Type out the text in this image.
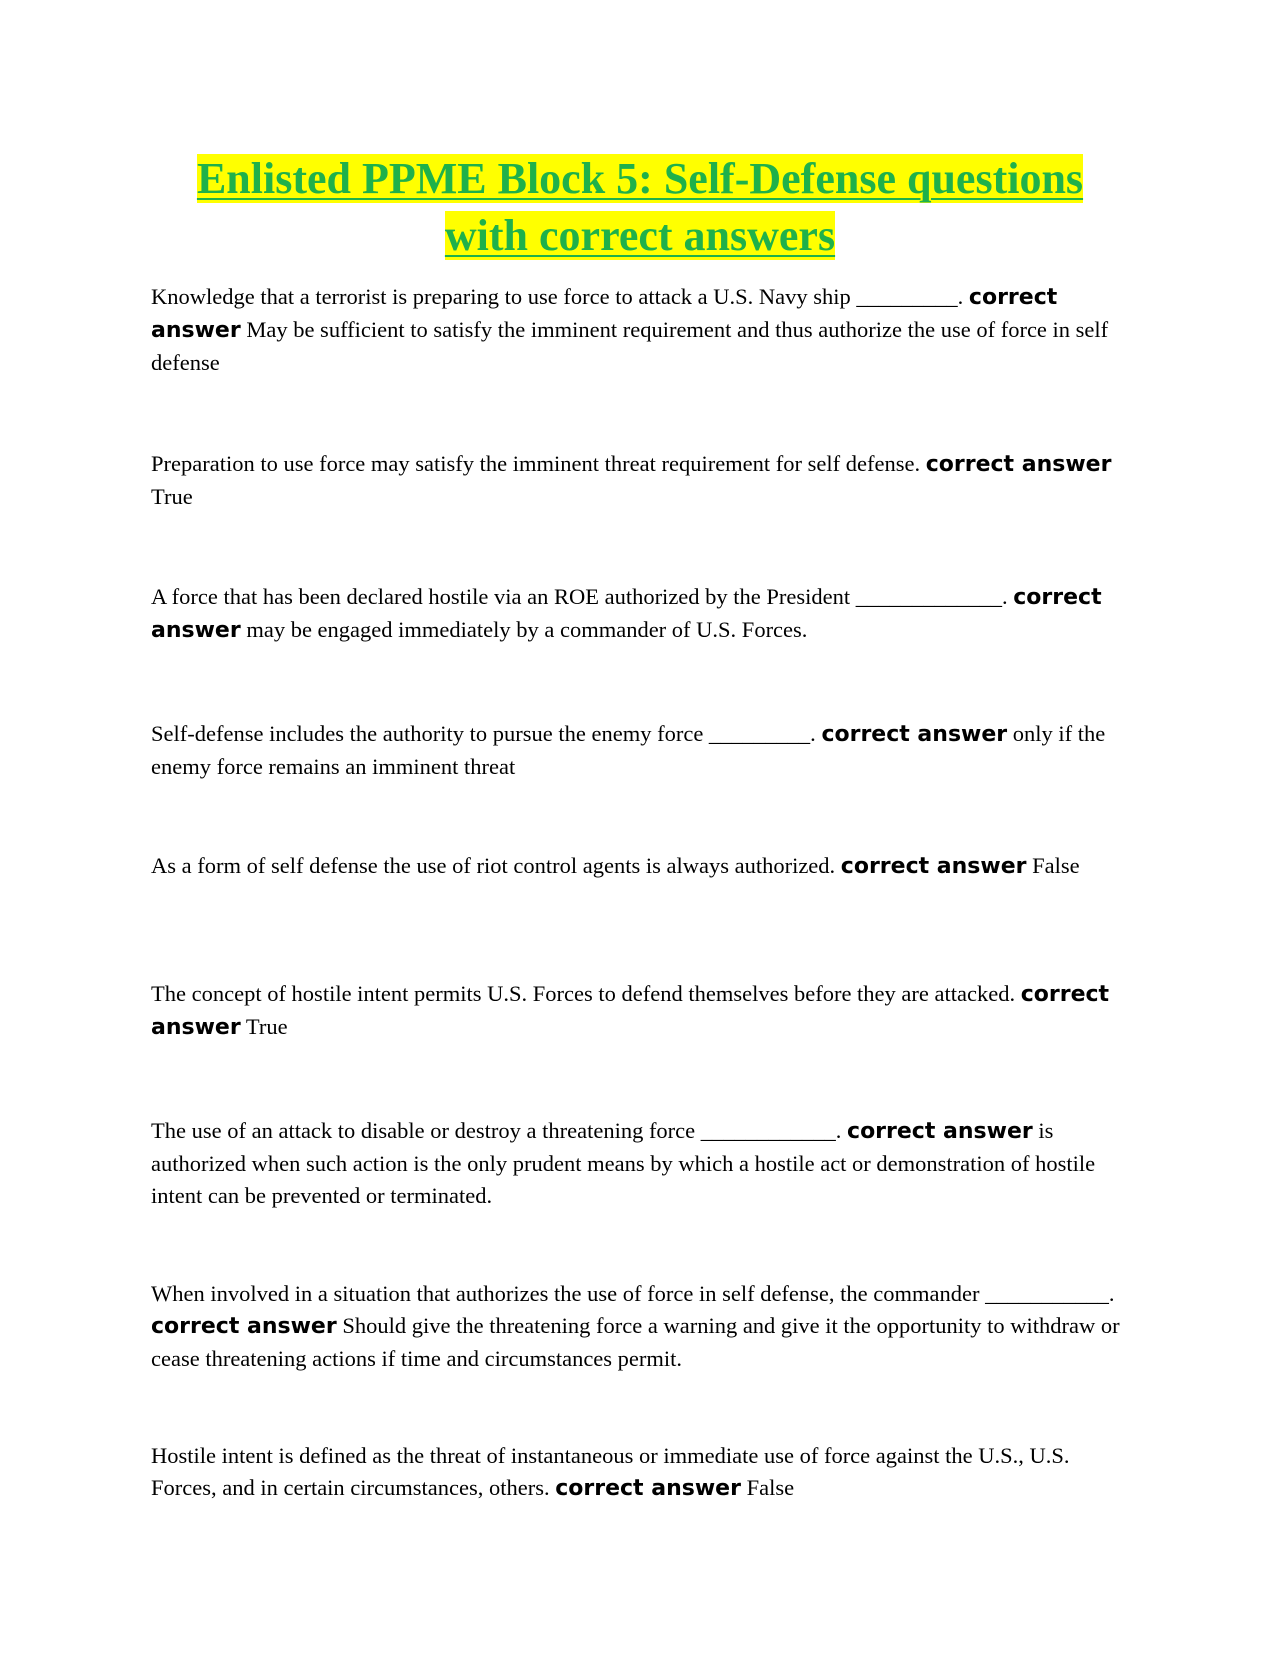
Enlisted PPME Block 5: Self-Defense questions
with correct answers

Knowledge that a terrorist is preparing to use force to attack a U.S. Navy ship _________. correct answer May be sufficient to satisfy the imminent requirement and thus authorize the use of force in self defense

Preparation to use force may satisfy the imminent threat requirement for self defense. correct answer True

A force that has been declared hostile via an ROE authorized by the President _____________. correct answer may be engaged immediately by a commander of U.S. Forces.

Self-defense includes the authority to pursue the enemy force _________. correct answer only if the enemy force remains an imminent threat

As a form of self defense the use of riot control agents is always authorized. correct answer False

The concept of hostile intent permits U.S. Forces to defend themselves before they are attacked. correct answer True

The use of an attack to disable or destroy a threatening force ____________. correct answer is authorized when such action is the only prudent means by which a hostile act or demonstration of hostile intent can be prevented or terminated.

When involved in a situation that authorizes the use of force in self defense, the commander ___________. correct answer Should give the threatening force a warning and give it the opportunity to withdraw or cease threatening actions if time and circumstances permit.

Hostile intent is defined as the threat of instantaneous or immediate use of force against the U.S., U.S. Forces, and in certain circumstances, others. correct answer False
